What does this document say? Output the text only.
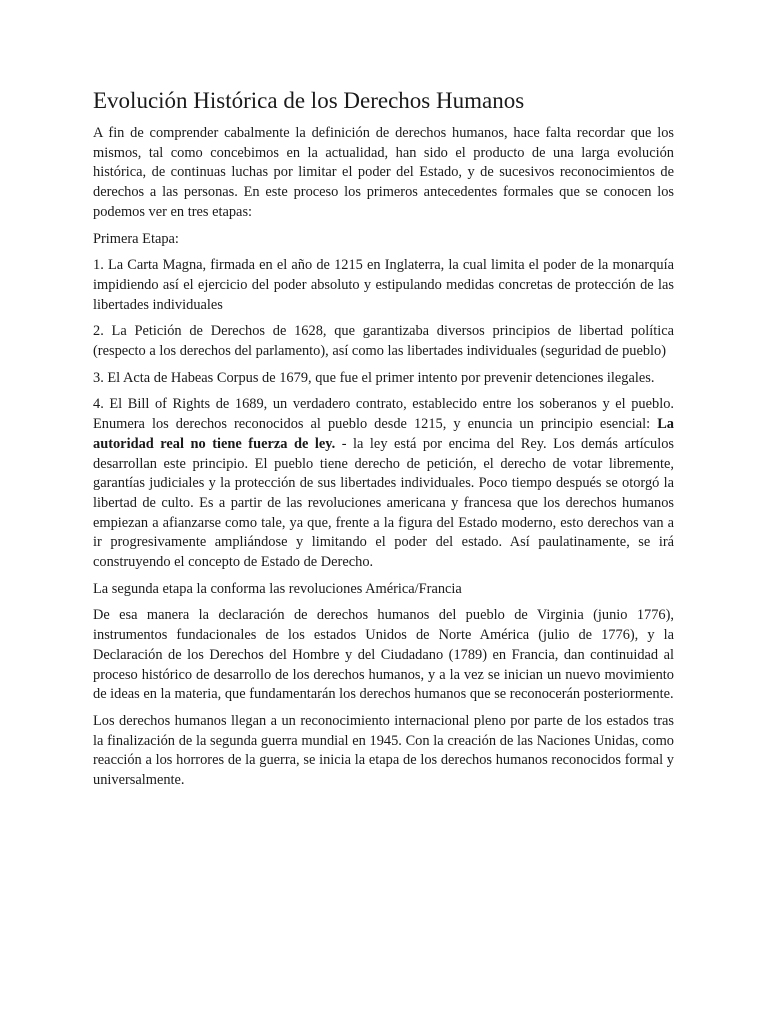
Evolución Histórica de los Derechos Humanos

A fin de comprender cabalmente la definición de derechos humanos, hace falta recordar que los mismos, tal como concebimos en la actualidad, han sido el producto de una larga evolución histórica, de continuas luchas por limitar el poder del Estado, y de sucesivos reconocimientos de derechos a las personas. En este proceso los primeros antecedentes formales que se conocen los podemos ver en tres etapas:

Primera Etapa:

1. La Carta Magna, firmada en el año de 1215 en Inglaterra, la cual limita el poder de la monarquía impidiendo así el ejercicio del poder absoluto y estipulando medidas concretas de protección de las libertades individuales

2. La Petición de Derechos de 1628, que garantizaba diversos principios de libertad política (respecto a los derechos del parlamento), así como las libertades individuales (seguridad de pueblo)

3. El Acta de Habeas Corpus de 1679, que fue el primer intento por prevenir detenciones ilegales.

4. El Bill of Rights de 1689, un verdadero contrato, establecido entre los soberanos y el pueblo. Enumera los derechos reconocidos al pueblo desde 1215, y enuncia un principio esencial: La autoridad real no tiene fuerza de ley. - la ley está por encima del Rey. Los demás artículos desarrollan este principio. El pueblo tiene derecho de petición, el derecho de votar libremente, garantías judiciales y la protección de sus libertades individuales. Poco tiempo después se otorgó la libertad de culto. Es a partir de las revoluciones americana y francesa que los derechos humanos empiezan a afianzarse como tale, ya que, frente a la figura del Estado moderno, esto derechos van a ir progresivamente ampliándose y limitando el poder del estado. Así paulatinamente, se irá construyendo el concepto de Estado de Derecho.

La segunda etapa la conforma las revoluciones América/Francia

De esa manera la declaración de derechos humanos del pueblo de Virginia (junio 1776), instrumentos fundacionales de los estados Unidos de Norte América (julio de 1776), y la Declaración de los Derechos del Hombre y del Ciudadano (1789) en Francia, dan continuidad al proceso histórico de desarrollo de los derechos humanos, y a la vez se inician un nuevo movimiento de ideas en la materia, que fundamentarán los derechos humanos que se reconocerán posteriormente.

Los derechos humanos llegan a un reconocimiento internacional pleno por parte de los estados tras la finalización de la segunda guerra mundial en 1945. Con la creación de las Naciones Unidas, como reacción a los horrores de la guerra, se inicia la etapa de los derechos humanos reconocidos formal y universalmente.
